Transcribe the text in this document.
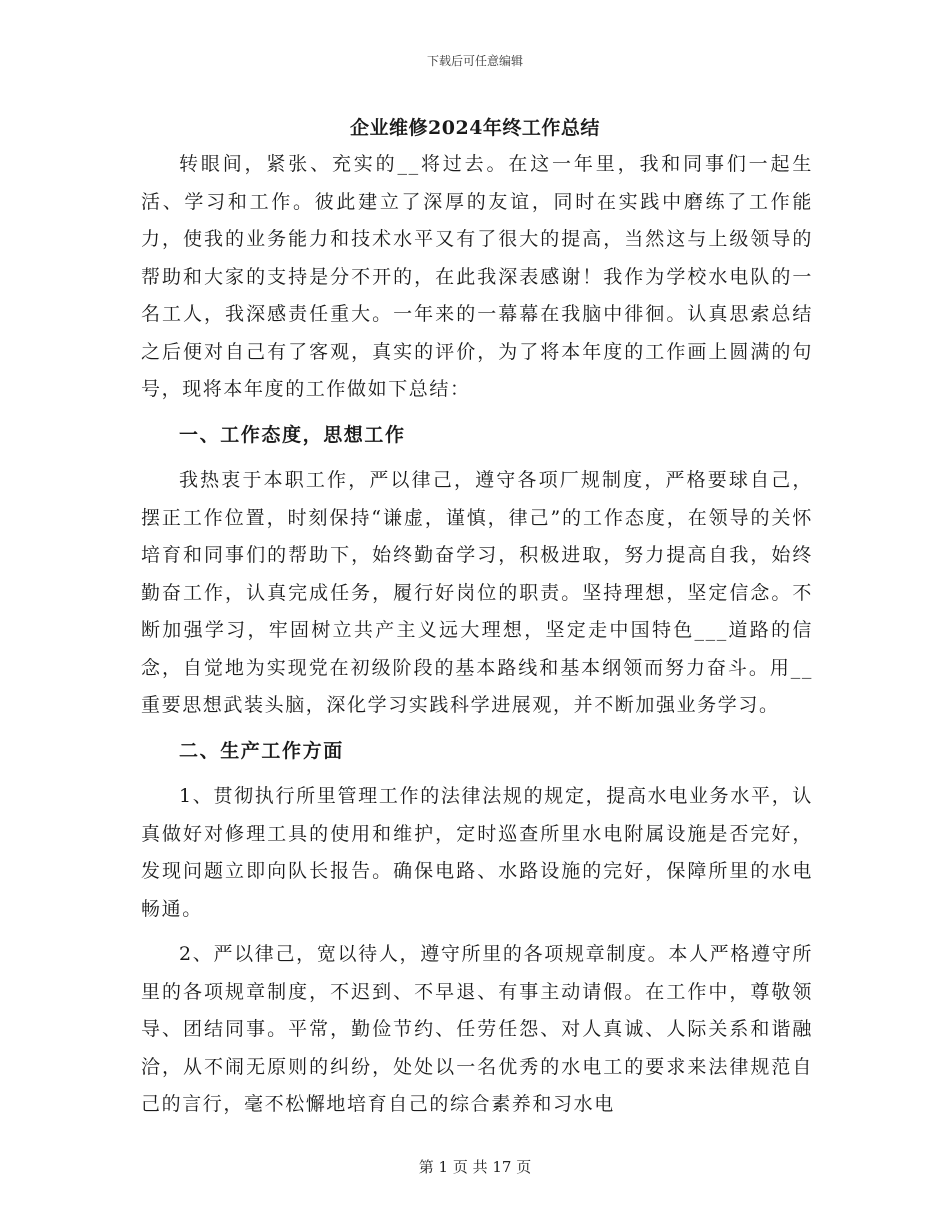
下载后可任意编辑
企业维修2024年终工作总结

转眼间，紧张、充实的__将过去。在这一年里，我和同事们一起生活、学习和工作。彼此建立了深厚的友谊，同时在实践中磨练了工作能力，使我的业务能力和技术水平又有了很大的提高，当然这与上级领导的帮助和大家的支持是分不开的，在此我深表感谢！我作为学校水电队的一名工人，我深感责任重大。一年来的一幕幕在我脑中徘徊。认真思索总结之后便对自己有了客观，真实的评价，为了将本年度的工作画上圆满的句号，现将本年度的工作做如下总结：

一、工作态度，思想工作

我热衷于本职工作，严以律己，遵守各项厂规制度，严格要球自己，摆正工作位置，时刻保持“谦虚，谨慎，律己”的工作态度，在领导的关怀培育和同事们的帮助下，始终勤奋学习，积极进取，努力提高自我，始终勤奋工作，认真完成任务，履行好岗位的职责。坚持理想，坚定信念。不断加强学习，牢固树立共产主义远大理想，坚定走中国特色___道路的信念，自觉地为实现党在初级阶段的基本路线和基本纲领而努力奋斗。用__重要思想武装头脑，深化学习实践科学进展观，并不断加强业务学习。

二、生产工作方面

1、贯彻执行所里管理工作的法律法规的规定，提高水电业务水平，认真做好对修理工具的使用和维护，定时巡查所里水电附属设施是否完好，发现问题立即向队长报告。确保电路、水路设施的完好，保障所里的水电畅通。

2、严以律己，宽以待人，遵守所里的各项规章制度。本人严格遵守所里的各项规章制度，不迟到、不早退、有事主动请假。在工作中，尊敬领导、团结同事。平常，勤俭节约、任劳任怨、对人真诚、人际关系和谐融洽，从不闹无原则的纠纷，处处以一名优秀的水电工的要求来法律规范自己的言行，毫不松懈地培育自己的综合素养和习水电

第 1 页 共 17 页
